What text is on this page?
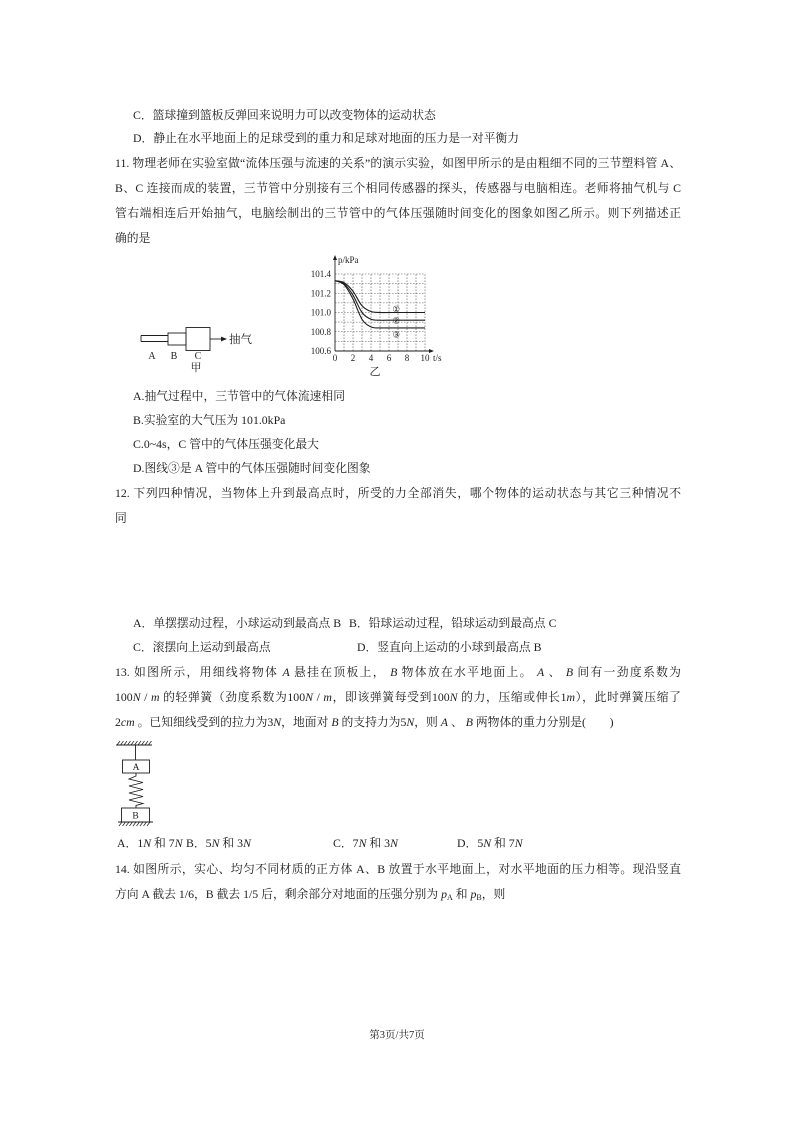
C．篮球撞到篮板反弹回来说明力可以改变物体的运动状态
D．静止在水平地面上的足球受到的重力和足球对地面的压力是一对平衡力
11. 物理老师在实验室做“流体压强与流速的关系”的演示实验，如图甲所示的是由粗细不同的三节塑料管 A、
B、C 连接而成的装置，三节管中分别接有三个相同传感器的探头，传感器与电脑相连。老师将抽气机与 C
管右端相连后开始抽气，电脑绘制出的三节管中的气体压强随时间变化的图象如图乙所示。则下列描述正
确的是
抽气
A B C
甲
101.4
101.2
101.0
100.8
100.6
0 2 4 6 8 10
p/kPa
t/s
乙
①
②
③
A.抽气过程中，三节管中的气体流速相同
B.实验室的大气压为 101.0kPa
C.0~4s，C 管中的气体压强变化最大
D.图线③是 A 管中的气体压强随时间变化图象
12. 下列四种情况，当物体上升到最高点时，所受的力全部消失，哪个物体的运动状态与其它三种情况不
同
A．单摆摆动过程，小球运动到最高点 B B．铅球运动过程，铅球运动到最高点 C
C．滚摆向上运动到最高点	D．竖直向上运动的小球到最高点 B
13. 如图所示，用细线将物体 A 悬挂在顶板上， B 物体放在水平地面上。 A 、 B 间有一劲度系数为
100N / m 的轻弹簧（劲度系数为100N / m，即该弹簧每受到100N 的力，压缩或伸长1m），此时弹簧压缩了
2cm 。已知细线受到的拉力为3N，地面对 B 的支持力为5N，则 A 、 B 两物体的重力分别是(        )
A
B
A．1N 和 7N B．5N 和 3N	C．7N 和 3N	D．5N 和 7N
14. 如图所示，实心、均匀不同材质的正方体 A、B 放置于水平地面上，对水平地面的压力相等。现沿竖直
方向 A 截去 1/6，B 截去 1/5 后，剩余部分对地面的压强分别为 $p_A$ 和 $p_B$，则
第3页/共7页
